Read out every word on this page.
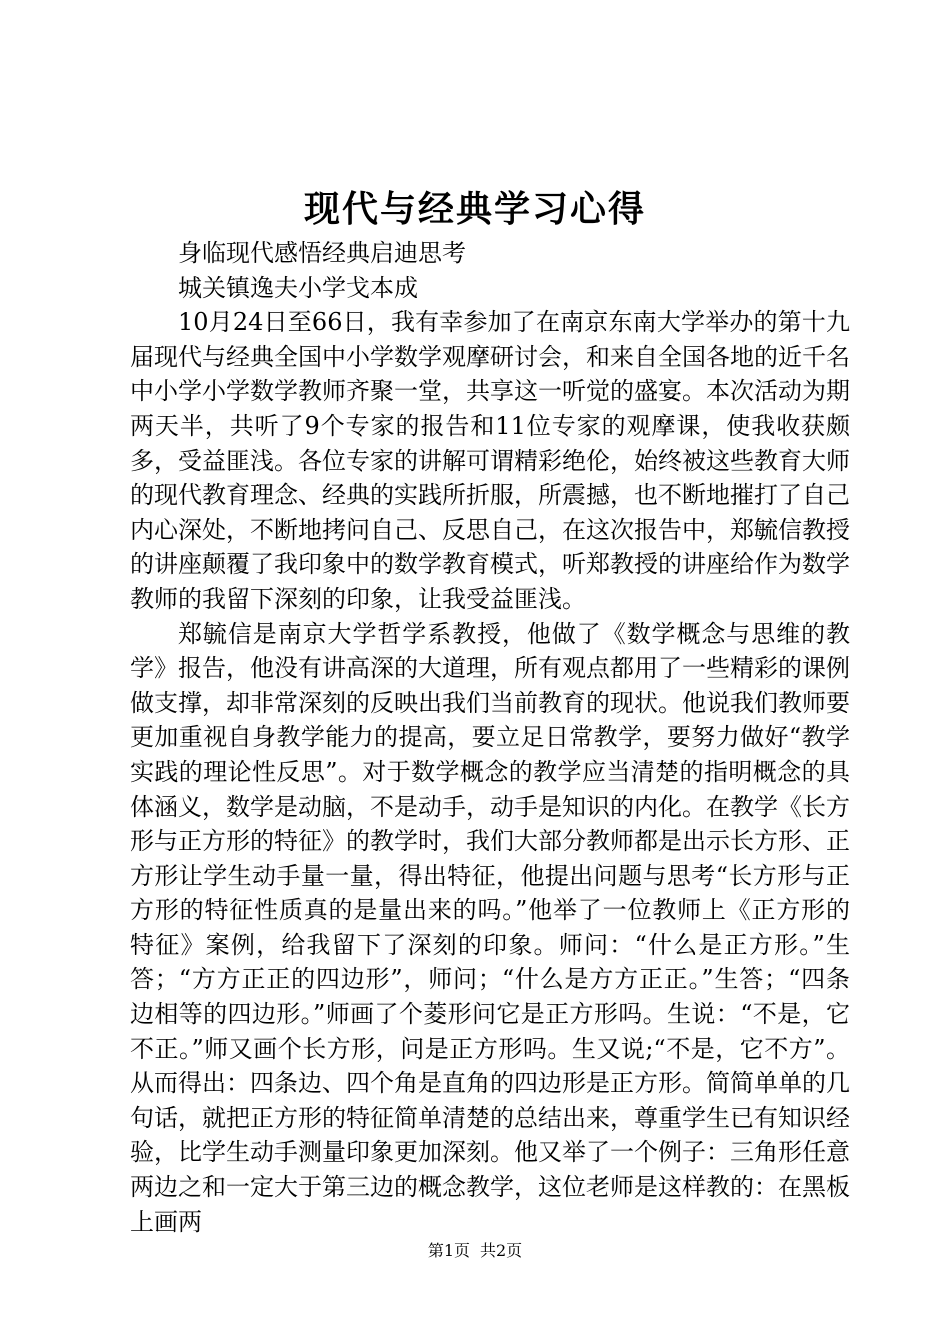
现代与经典学习心得

身临现代感悟经典启迪思考

城关镇逸夫小学戈本成

10月24日至66日，我有幸参加了在南京东南大学举办的第十九届现代与经典全国中小学数学观摩研讨会，和来自全国各地的近千名中小学小学数学教师齐聚一堂，共享这一听觉的盛宴。本次活动为期两天半，共听了9个专家的报告和11位专家的观摩课，使我收获颇多，受益匪浅。各位专家的讲解可谓精彩绝伦，始终被这些教育大师的现代教育理念、经典的实践所折服，所震撼，也不断地摧打了自己内心深处，不断地拷问自己、反思自己，在这次报告中，郑毓信教授的讲座颠覆了我印象中的数学教育模式，听郑教授的讲座给作为数学教师的我留下深刻的印象，让我受益匪浅。

郑毓信是南京大学哲学系教授，他做了《数学概念与思维的教学》报告，他没有讲高深的大道理，所有观点都用了一些精彩的课例做支撑，却非常深刻的反映出我们当前教育的现状。他说我们教师要更加重视自身教学能力的提高，要立足日常教学，要努力做好“教学实践的理论性反思”。对于数学概念的教学应当清楚的指明概念的具体涵义，数学是动脑，不是动手，动手是知识的内化。在教学《长方形与正方形的特征》的教学时，我们大部分教师都是出示长方形、正方形让学生动手量一量，得出特征，他提出问题与思考“长方形与正方形的特征性质真的是量出来的吗。”他举了一位教师上《正方形的特征》案例，给我留下了深刻的印象。师问：“什么是正方形。”生答；“方方正正的四边形”，师问；“什么是方方正正。”生答；“四条边相等的四边形。”师画了个菱形问它是正方形吗。生说：“不是，它不正。”师又画个长方形，问是正方形吗。生又说;“不是，它不方”。从而得出：四条边、四个角是直角的四边形是正方形。简简单单的几句话，就把正方形的特征简单清楚的总结出来，尊重学生已有知识经验，比学生动手测量印象更加深刻。他又举了一个例子：三角形任意两边之和一定大于第三边的概念教学，这位老师是这样教的：在黑板上画两

第1页 共2页
